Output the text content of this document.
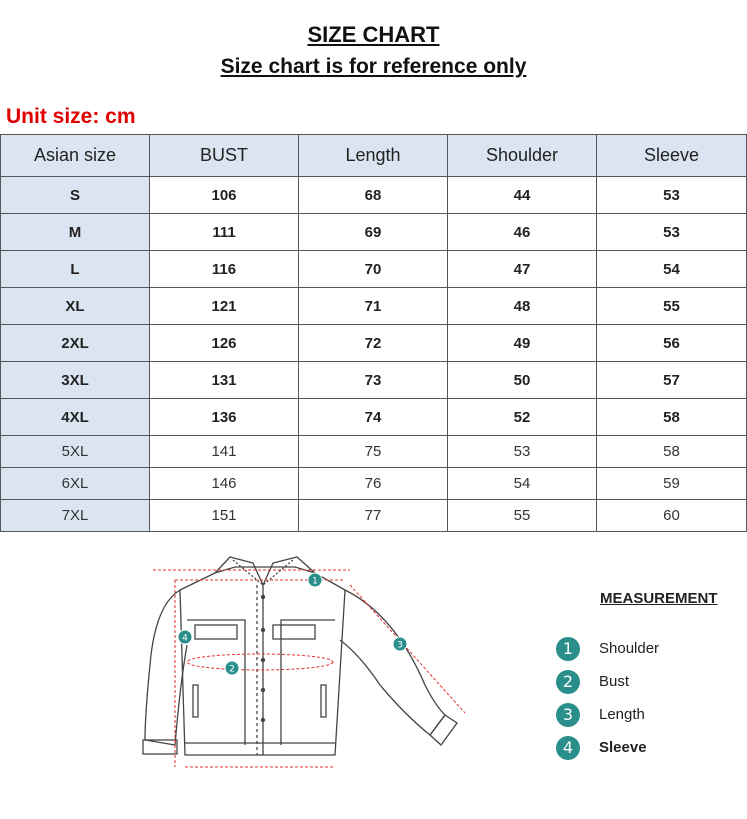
SIZE CHART
Size chart is for reference only
Unit size: cm
Asian size	BUST	Length	Shoulder	Sleeve
S	106	68	44	53
M	111	69	46	53
L	116	70	47	54
XL	121	71	48	55
2XL	126	72	49	56
3XL	131	73	50	57
4XL	136	74	52	58
5XL	141	75	53	58
6XL	146	76	54	59
7XL	151	77	55	60
1
2
3
4
MEASUREMENT
1	Shoulder
2	Bust
3	Length
4	Sleeve
